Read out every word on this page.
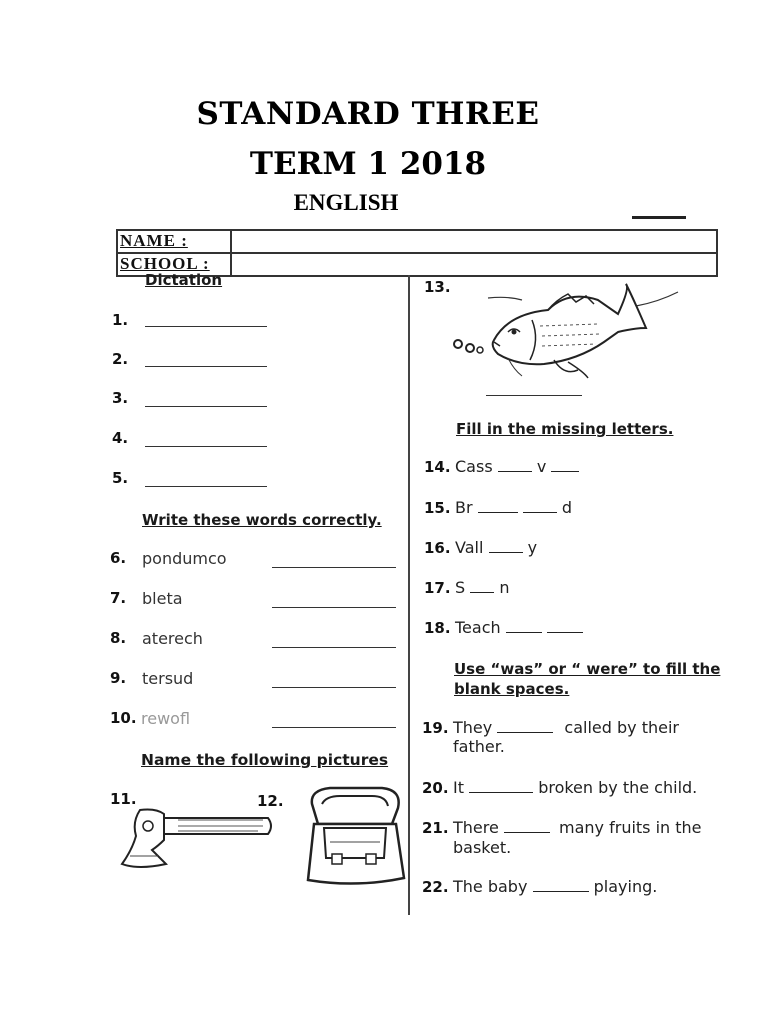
STANDARD THREE
TERM 1 2018
ENGLISH
NAME :
SCHOOL :
Dictation
1.
2.
3.
4.
5.
Write these words correctly.
6. pondumco
7. bleta
8. aterech
9. tersud
10. rewofl
Name the following pictures
11.	12.
13.
Fill in the missing letters.
14. Cass	v
15. Br	d
16. Vall	y
17. S n
18. Teach
Use “was” or “ were” to fill the
blank spaces.
19. They	called by their
father.
20. It	broken by the child.
21. There	many fruits in the
basket.
22. The baby	playing.
